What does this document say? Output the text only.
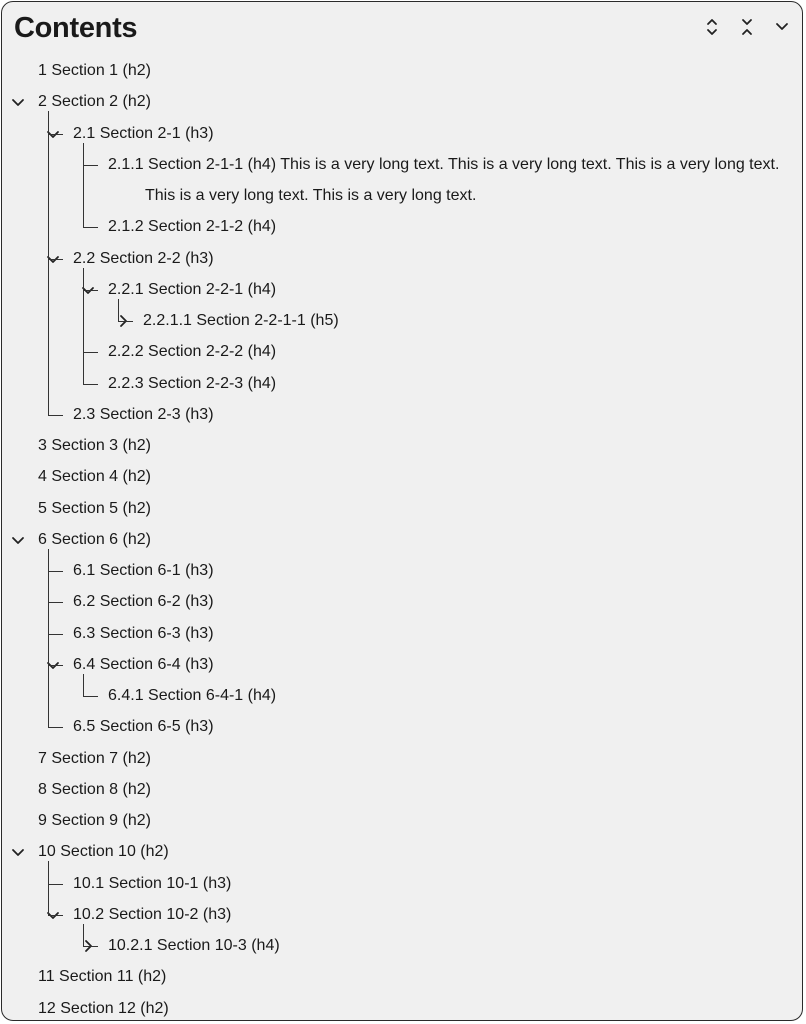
Contents
1 Section 1 (h2)
2 Section 2 (h2)
2.1 Section 2-1 (h3)
2.1.1 Section 2-1-1 (h4) This is a very long text. This is a very long text. This is a very long text. This is a very long text. This is a very long text.
2.1.2 Section 2-1-2 (h4)
2.2 Section 2-2 (h3)
2.2.1 Section 2-2-1 (h4)
2.2.1.1 Section 2-2-1-1 (h5)
2.2.2 Section 2-2-2 (h4)
2.2.3 Section 2-2-3 (h4)
2.3 Section 2-3 (h3)
3 Section 3 (h2)
4 Section 4 (h2)
5 Section 5 (h2)
6 Section 6 (h2)
6.1 Section 6-1 (h3)
6.2 Section 6-2 (h3)
6.3 Section 6-3 (h3)
6.4 Section 6-4 (h3)
6.4.1 Section 6-4-1 (h4)
6.5 Section 6-5 (h3)
7 Section 7 (h2)
8 Section 8 (h2)
9 Section 9 (h2)
10 Section 10 (h2)
10.1 Section 10-1 (h3)
10.2 Section 10-2 (h3)
10.2.1 Section 10-3 (h4)
11 Section 11 (h2)
12 Section 12 (h2)
